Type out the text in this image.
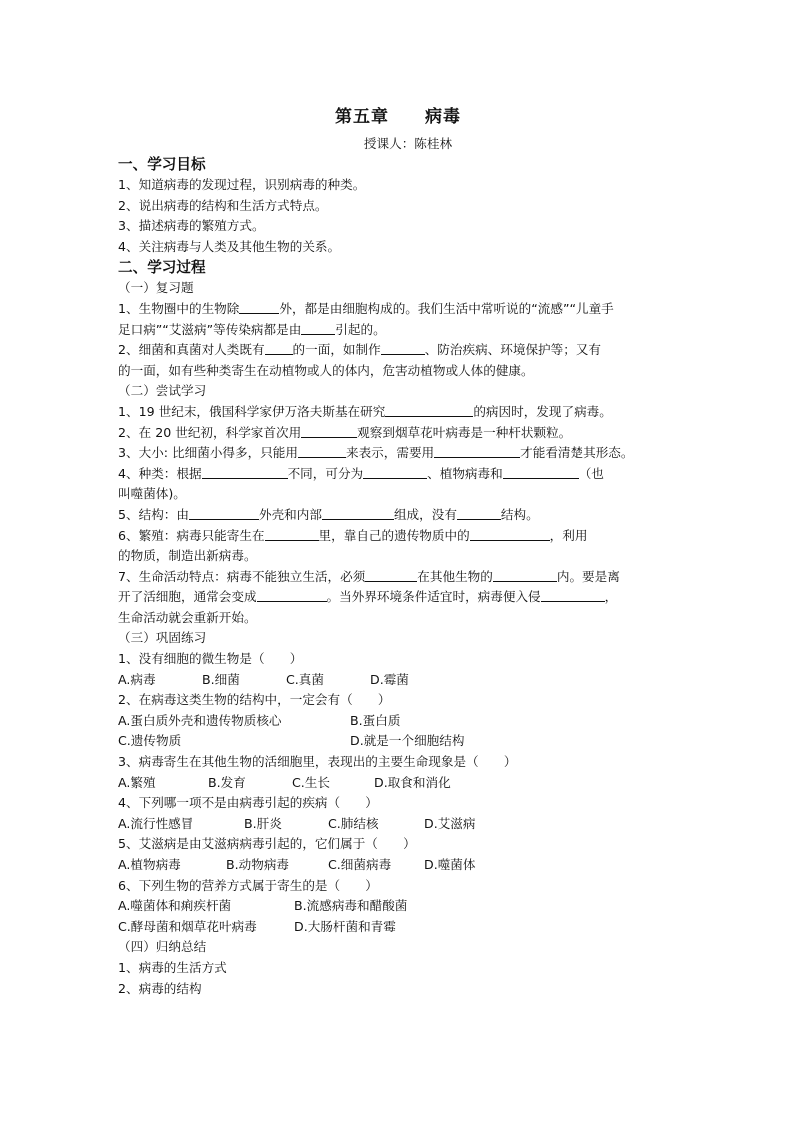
第五章 病毒
授课人：陈桂林
一、学习目标
1、知道病毒的发现过程，识别病毒的种类。
2、说出病毒的结构和生活方式特点。
3、描述病毒的繁殖方式。
4、关注病毒与人类及其他生物的关系。
二、学习过程
（一）复习题
1、生物圈中的生物除	外，都是由细胞构成的。我们生活中常听说的“流感”“儿童手
足口病”“艾滋病”等传染病都是由	引起的。
2、细菌和真菌对人类既有 的一面，如制作	、防治疾病、环境保护等；又有
的一面，如有些种类寄生在动植物或人的体内，危害动植物或人体的健康。
（二）尝试学习
1、19 世纪末，俄国科学家伊万洛夫斯基在研究	的病因时，发现了病毒。
2、在 20 世纪初，科学家首次用	观察到烟草花叶病毒是一种杆状颗粒。
3、大小: 比细菌小得多，只能用	来表示，需要用	才能看清楚其形态。
4、种类：根据	不同，可分为	、植物病毒和	（也
叫噬菌体)。
5、结构：由	外壳和内部	组成，没有	结构。
6、繁殖：病毒只能寄生在	里，靠自己的遗传物质中的	，利用
的物质，制造出新病毒。
7、生命活动特点：病毒不能独立生活，必须	在其他生物的	内。要是离
开了活细胞，通常会变成	。当外界环境条件适宜时，病毒便入侵	，
生命活动就会重新开始。
（三）巩固练习
1、没有细胞的微生物是（　　）
A.病毒	B.细菌	C.真菌	D.霉菌
2、在病毒这类生物的结构中，一定会有（　　）
A.蛋白质外壳和遗传物质核心	B.蛋白质
C.遗传物质	D.就是一个细胞结构
3、病毒寄生在其他生物的活细胞里，表现出的主要生命现象是（　　）
A.繁殖	B.发育	C.生长	D.取食和消化
4、下列哪一项不是由病毒引起的疾病（　　）
A.流行性感冒	B.肝炎	C.肺结核	D.艾滋病
5、艾滋病是由艾滋病病毒引起的，它们属于（　　）
A.植物病毒	B.动物病毒	C.细菌病毒	D.噬菌体
6、下列生物的营养方式属于寄生的是（　　）
A.噬菌体和痢疾杆菌	B.流感病毒和醋酸菌
C.酵母菌和烟草花叶病毒	D.大肠杆菌和青霉
（四）归纳总结
1、病毒的生活方式
2、病毒的结构
